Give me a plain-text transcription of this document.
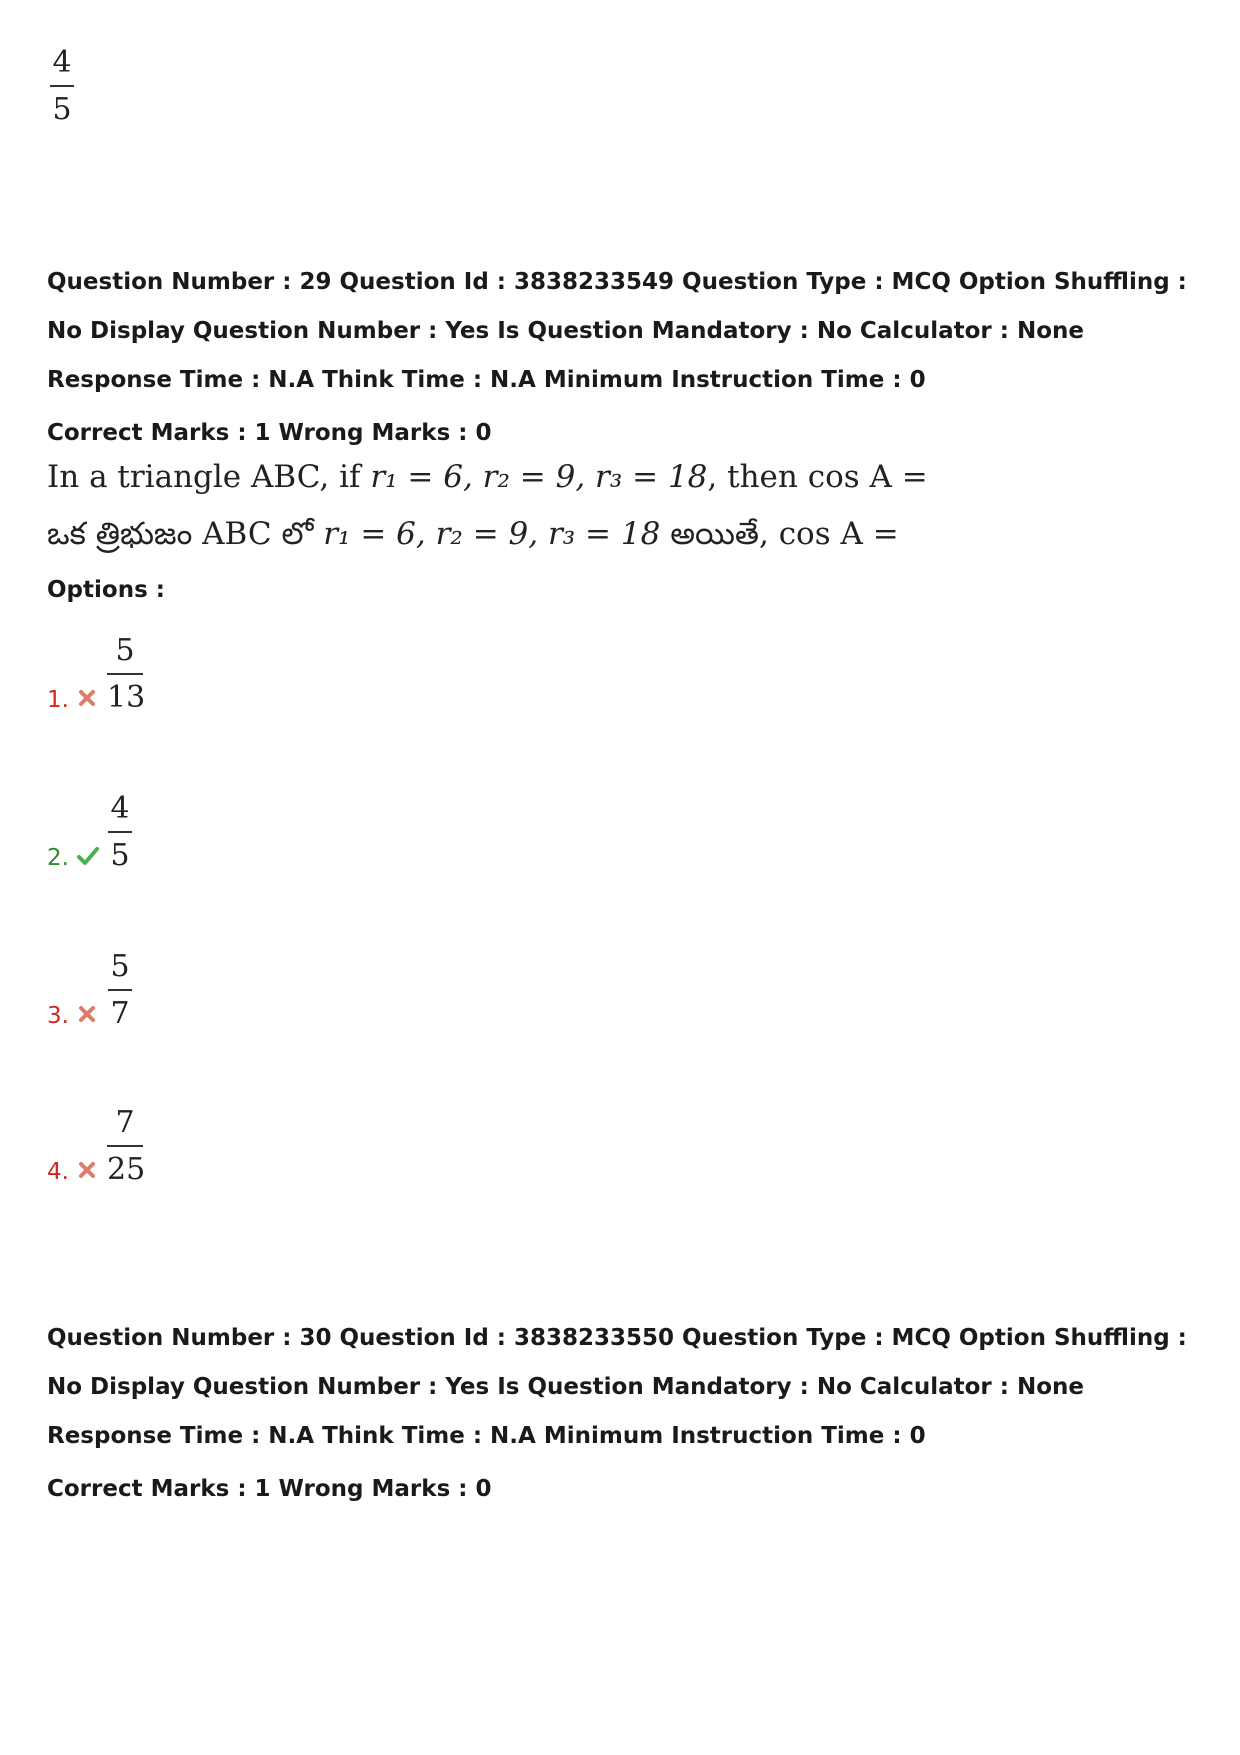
4
5
Question Number : 29 Question Id : 3838233549 Question Type : MCQ Option Shuffling : No Display Question Number : Yes Is Question Mandatory : No Calculator : None Response Time : N.A Think Time : N.A Minimum Instruction Time : 0
Correct Marks : 1 Wrong Marks : 0
In a triangle ABC, if r₁ = 6, r₂ = 9, r₃ = 18, then cos A =
ఒక త్రిభుజం ABC లో r₁ = 6, r₂ = 9, r₃ = 18 అయితే, cos A =
Options :
1.
5
13
2.
4
5
3.
5
7
4.
7
25
Question Number : 30 Question Id : 3838233550 Question Type : MCQ Option Shuffling : No Display Question Number : Yes Is Question Mandatory : No Calculator : None Response Time : N.A Think Time : N.A Minimum Instruction Time : 0
Correct Marks : 1 Wrong Marks : 0
